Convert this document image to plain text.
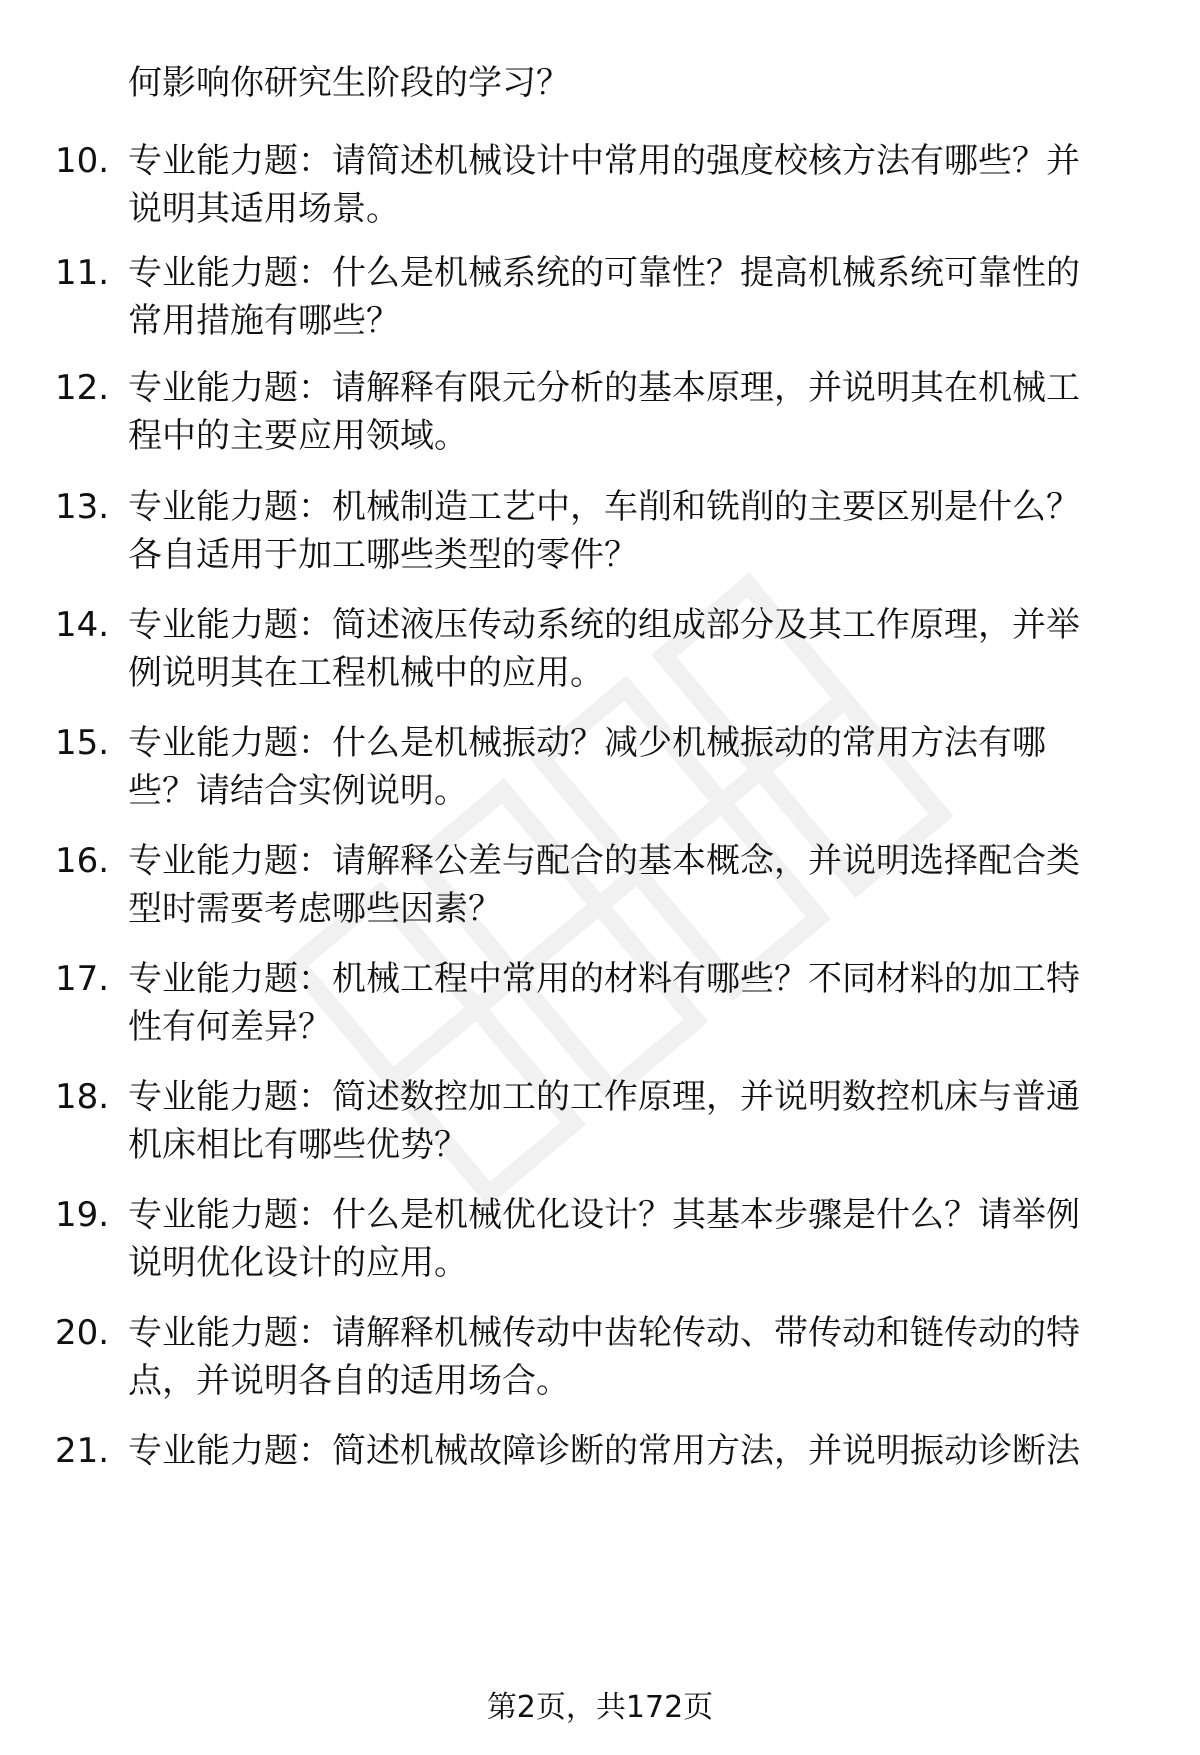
何影响你研究生阶段的学习？
10. 专业能力题：请简述机械设计中常用的强度校核方法有哪些？并
说明其适用场景。
11. 专业能力题：什么是机械系统的可靠性？提高机械系统可靠性的
常用措施有哪些？
12. 专业能力题：请解释有限元分析的基本原理，并说明其在机械工
程中的主要应用领域。
13. 专业能力题：机械制造工艺中，车削和铣削的主要区别是什么？
各自适用于加工哪些类型的零件？
14. 专业能力题：简述液压传动系统的组成部分及其工作原理，并举
例说明其在工程机械中的应用。
15. 专业能力题：什么是机械振动？减少机械振动的常用方法有哪
些？请结合实例说明。
16. 专业能力题：请解释公差与配合的基本概念，并说明选择配合类
型时需要考虑哪些因素？
17. 专业能力题：机械工程中常用的材料有哪些？不同材料的加工特
性有何差异？
18. 专业能力题：简述数控加工的工作原理，并说明数控机床与普通
机床相比有哪些优势？
19. 专业能力题：什么是机械优化设计？其基本步骤是什么？请举例
说明优化设计的应用。
20. 专业能力题：请解释机械传动中齿轮传动、带传动和链传动的特
点，并说明各自的适用场合。
21. 专业能力题：简述机械故障诊断的常用方法，并说明振动诊断法
第2页，共172页
